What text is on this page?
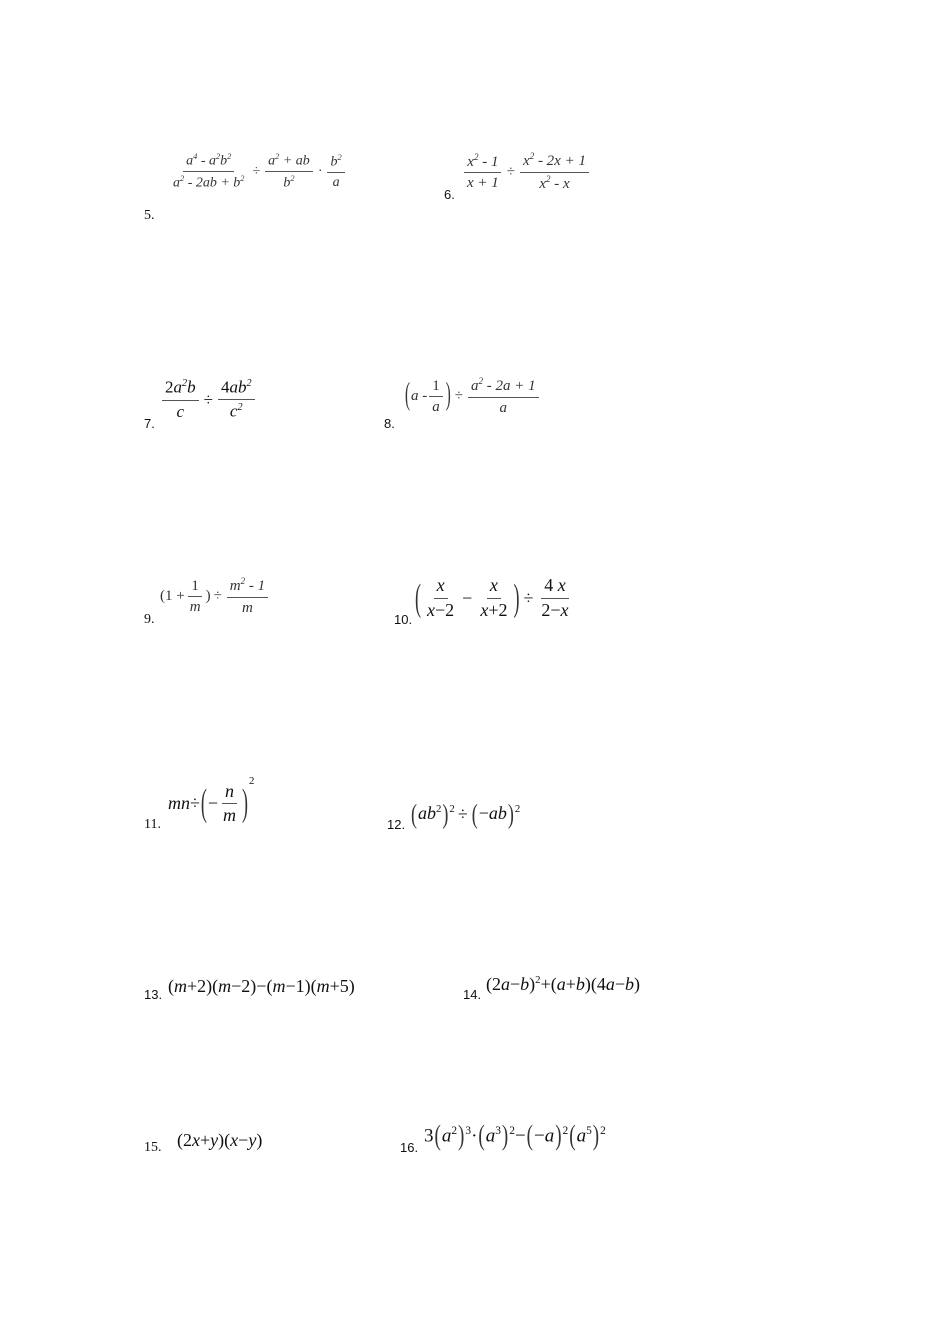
5.
$\frac{a^4 - a^2b^2}{a^2 - 2ab + b^2} \div \frac{a^2 + ab}{b^2} \cdot \frac{b^2}{a}$
6.
$\frac{x^2 - 1}{x + 1} \div \frac{x^2 - 2x + 1}{x^2 - x}$
7.
$\frac{2a^2b}{c} \div \frac{4ab^2}{c^2}$
8.
($a - \frac{1}{a}$ ) ÷ $\frac{a^2 - 2a + 1}{a}$
9.
($1 + \frac{1}{m}$ ) ÷ $\frac{m^2 - 1}{m}$
10.
( $\frac{x}{x-2} - \frac{x}{x+2}$ ) ÷ $\frac{4 x}{2-x}$
11.
$mn\div(- \frac{n}{m} )^2$
12. $(ab^2)^2 \div (-ab)^2$
13. (m+2)(m−2)−(m−1)(m+5)	14.
$(2a-b)^2+(a+b)(4a-b)$
15. (2x+y)(x−y)	16.
$3(a^2)^3\cdot(a^3)^2-(-a)^2(a^5)^2$
